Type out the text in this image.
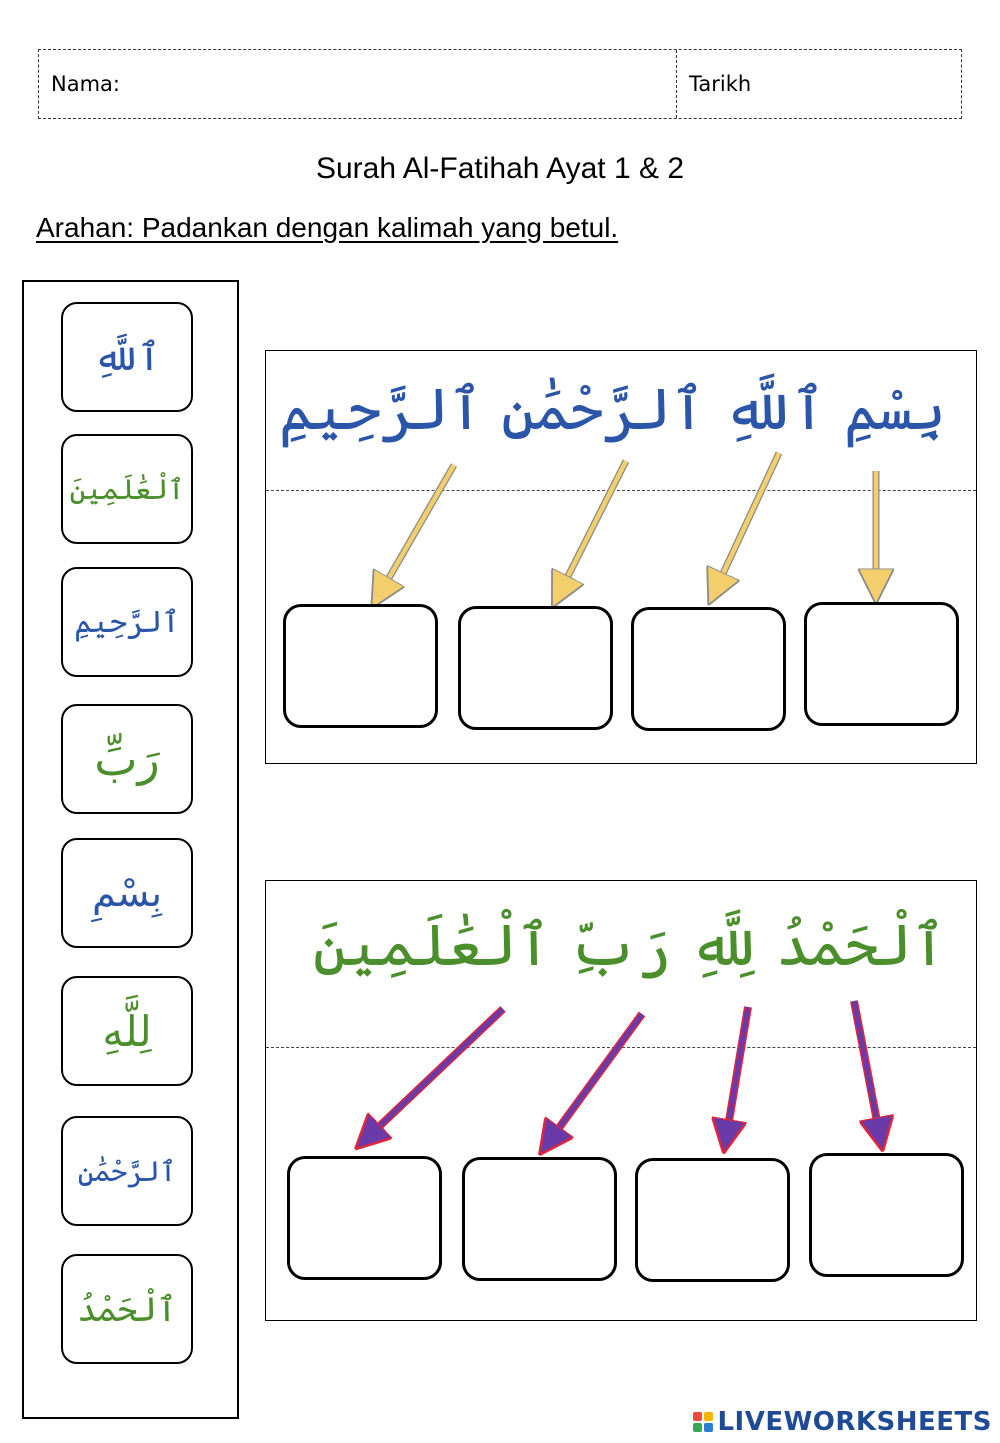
Nama:	Tarikh
Surah Al-Fatihah Ayat 1 & 2
Arahan: Padankan dengan kalimah yang betul.
ٱللَّهِ
ٱلْعَٰلَمِينَ
ٱلرَّحِيمِ
رَبِّ
بِسْمِ
لِلَّهِ
ٱلرَّحْمَٰنِ
ٱلْحَمْدُ
بِسْمِ ٱللَّهِ ٱلرَّحْمَٰنِ ٱلرَّحِيمِ
ٱلْحَمْدُ لِلَّهِ رَبِّ ٱلْعَٰلَمِينَ
LIVEWORKSHEETS
